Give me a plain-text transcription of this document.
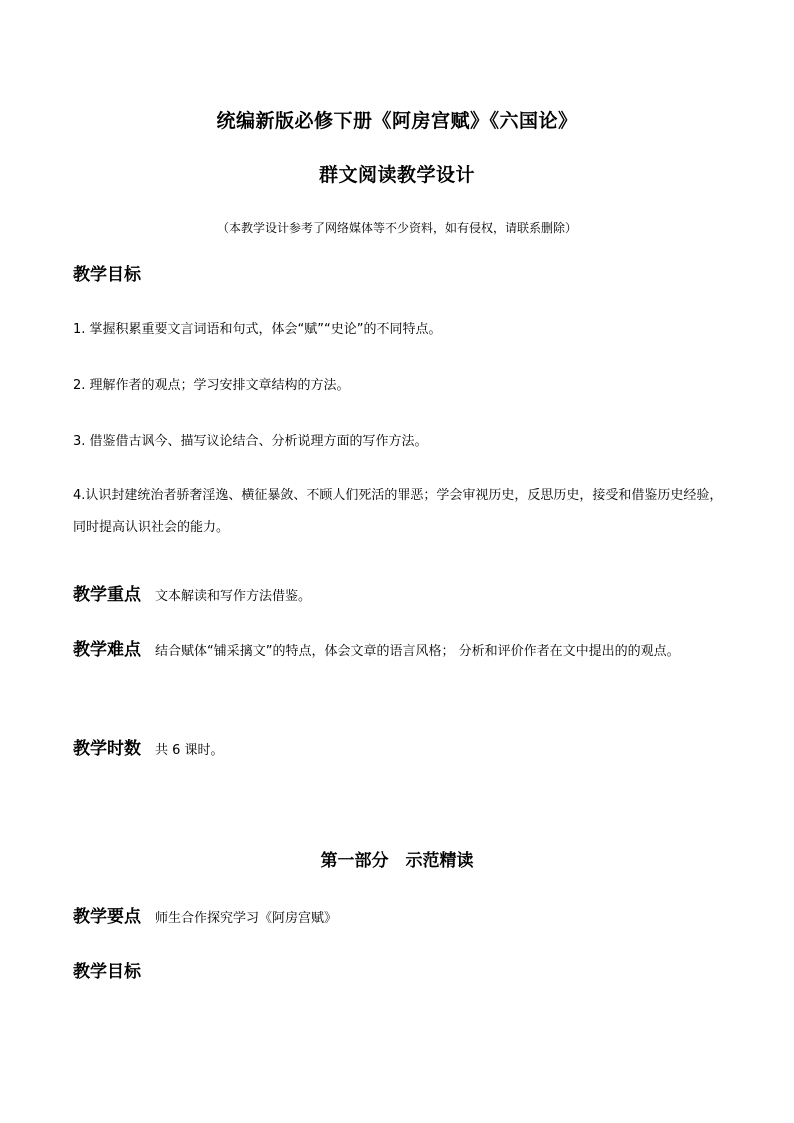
统编新版必修下册《阿房宫赋》《六国论》
群文阅读教学设计
（本教学设计参考了网络媒体等不少资料，如有侵权，请联系删除）
教学目标
1. 掌握积累重要文言词语和句式，体会“赋”“史论”的不同特点。
2. 理解作者的观点；学习安排文章结构的方法。
3. 借鉴借古讽今、描写议论结合、分析说理方面的写作方法。
4.认识封建统治者骄奢淫逸、横征暴敛、不顾人们死活的罪恶；学会审视历史，反思历史，接受和借鉴历史经验，同时提高认识社会的能力。
教学重点 文本解读和写作方法借鉴。
教学难点 结合赋体“铺采摛文”的特点，体会文章的语言风格； 分析和评价作者在文中提出的的观点。
教学时数 共 6 课时。
第一部分　示范精读
教学要点 师生合作探究学习《阿房宫赋》
教学目标
